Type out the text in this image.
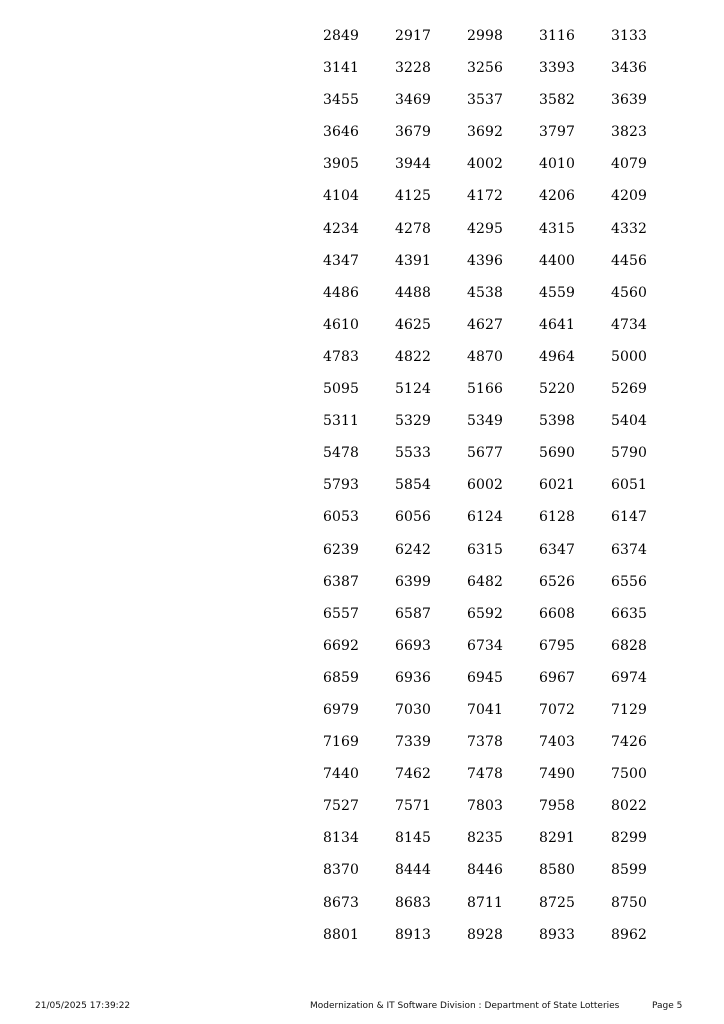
2849	2917	2998	3116	3133
3141	3228	3256	3393	3436
3455	3469	3537	3582	3639
3646	3679	3692	3797	3823
3905	3944	4002	4010	4079
4104	4125	4172	4206	4209
4234	4278	4295	4315	4332
4347	4391	4396	4400	4456
4486	4488	4538	4559	4560
4610	4625	4627	4641	4734
4783	4822	4870	4964	5000
5095	5124	5166	5220	5269
5311	5329	5349	5398	5404
5478	5533	5677	5690	5790
5793	5854	6002	6021	6051
6053	6056	6124	6128	6147
6239	6242	6315	6347	6374
6387	6399	6482	6526	6556
6557	6587	6592	6608	6635
6692	6693	6734	6795	6828
6859	6936	6945	6967	6974
6979	7030	7041	7072	7129
7169	7339	7378	7403	7426
7440	7462	7478	7490	7500
7527	7571	7803	7958	8022
8134	8145	8235	8291	8299
8370	8444	8446	8580	8599
8673	8683	8711	8725	8750
8801	8913	8928	8933	8962
21/05/2025 17:39:22	Modernization & IT Software Division : Department of State Lotteries	Page 5
